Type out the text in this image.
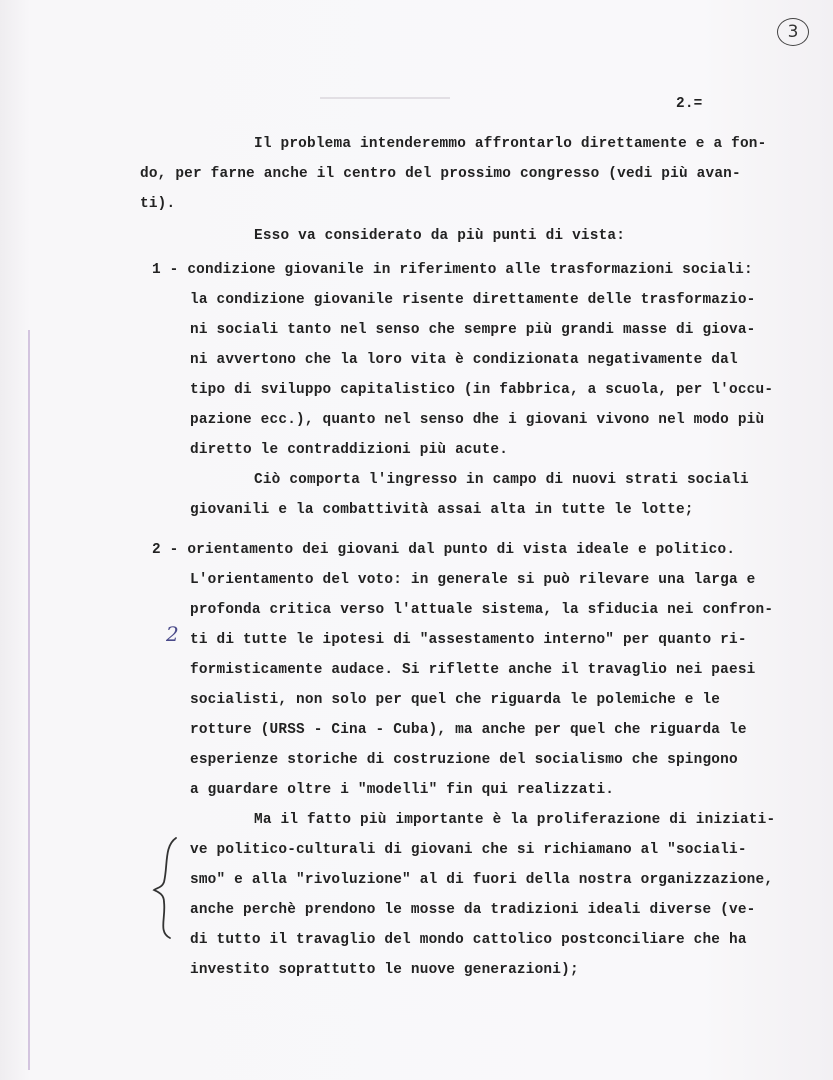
3
2.=
Il problema intenderemmo affrontarlo direttamente e a fon-
do, per farne anche il centro del prossimo congresso (vedi più avan-
ti).
Esso va considerato da più punti di vista:
1 - condizione giovanile in riferimento alle trasformazioni sociali:
la condizione giovanile risente direttamente delle trasformazio-
ni sociali tanto nel senso che sempre più grandi masse di giova-
ni avvertono che la loro vita è condizionata negativamente dal
tipo di sviluppo capitalistico (in fabbrica, a scuola, per l'occu-
pazione ecc.), quanto nel senso dhe i giovani vivono nel modo più
diretto le contraddizioni più acute.
Ciò comporta l'ingresso in campo di nuovi strati sociali
giovanili e la combattività assai alta in tutte le lotte;
2 - orientamento dei giovani dal punto di vista ideale e politico.
L'orientamento del voto: in generale si può rilevare una larga e
profonda critica verso l'attuale sistema, la sfiducia nei confron-
ti di tutte le ipotesi di "assestamento interno" per quanto ri-
formisticamente audace. Si riflette anche il travaglio nei paesi
socialisti, non solo per quel che riguarda le polemiche e le
rotture (URSS - Cina - Cuba), ma anche per quel che riguarda le
esperienze storiche di costruzione del socialismo che spingono
a guardare oltre i "modelli" fin qui realizzati.
Ma il fatto più importante è la proliferazione di iniziati-
ve politico-culturali di giovani che si richiamano al "sociali-
smo" e alla "rivoluzione" al di fuori della nostra organizzazione,
anche perchè prendono le mosse da tradizioni ideali diverse (ve-
di tutto il travaglio del mondo cattolico postconciliare che ha
investito soprattutto le nuove generazioni);
2
